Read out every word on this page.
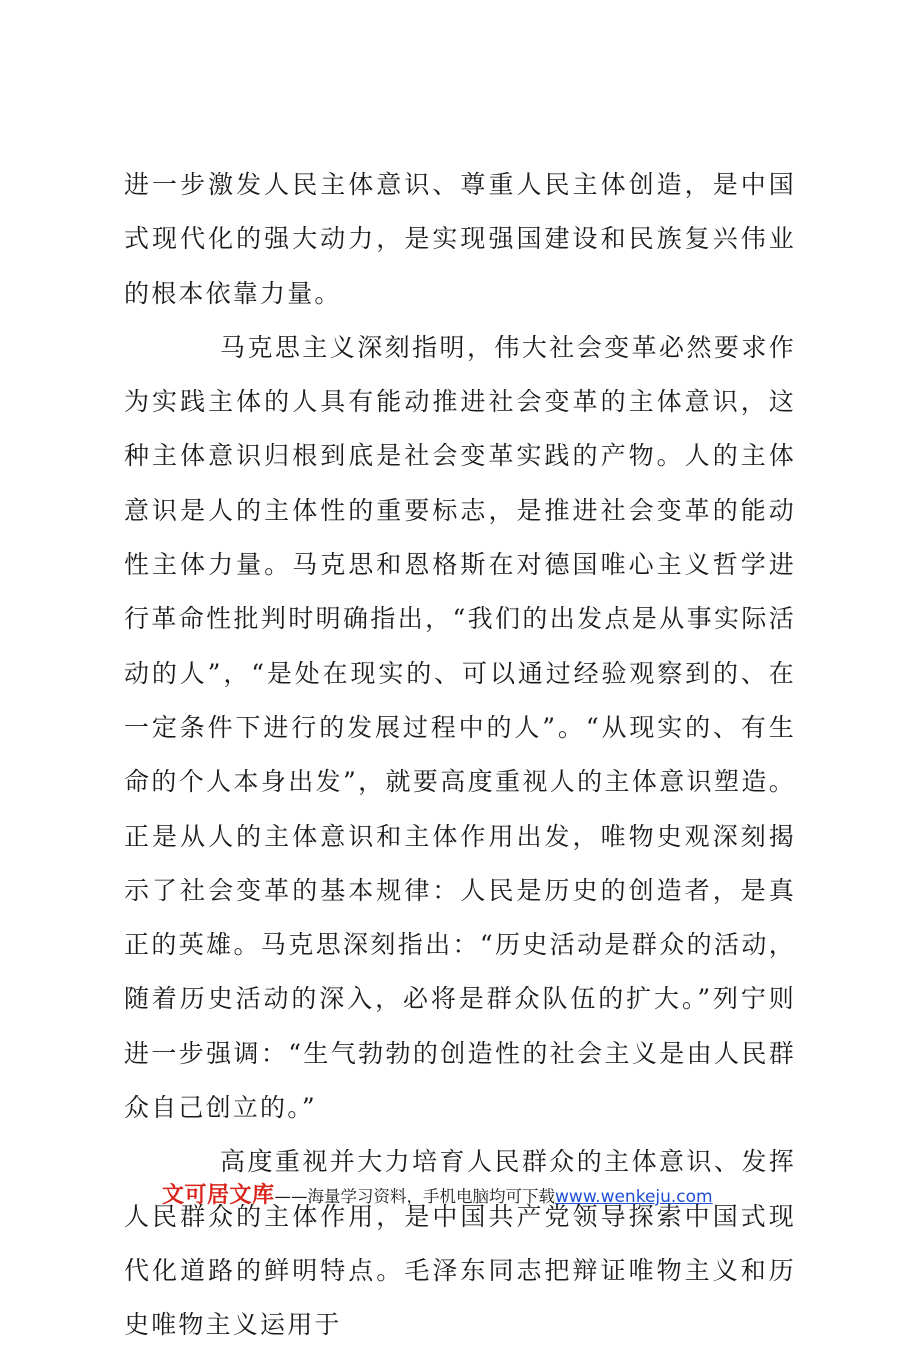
进一步激发人民主体意识、尊重人民主体创造，是中国式现代化的强大动力，是实现强国建设和民族复兴伟业的根本依靠力量。

马克思主义深刻指明，伟大社会变革必然要求作为实践主体的人具有能动推进社会变革的主体意识，这种主体意识归根到底是社会变革实践的产物。人的主体意识是人的主体性的重要标志，是推进社会变革的能动性主体力量。马克思和恩格斯在对德国唯心主义哲学进行革命性批判时明确指出，“我们的出发点是从事实际活动的人”，“是处在现实的、可以通过经验观察到的、在一定条件下进行的发展过程中的人”。“从现实的、有生命的个人本身出发”，就要高度重视人的主体意识塑造。正是从人的主体意识和主体作用出发，唯物史观深刻揭示了社会变革的基本规律：人民是历史的创造者，是真正的英雄。马克思深刻指出：“历史活动是群众的活动，随着历史活动的深入，必将是群众队伍的扩大。”列宁则进一步强调：“生气勃勃的创造性的社会主义是由人民群众自己创立的。”

高度重视并大力培育人民群众的主体意识、发挥人民群众的主体作用，是中国共产党领导探索中国式现代化道路的鲜明特点。毛泽东同志把辩证唯物主义和历史唯物主义运用于

文可居文库——海量学习资料，手机电脑均可下载www.wenkeju.com
